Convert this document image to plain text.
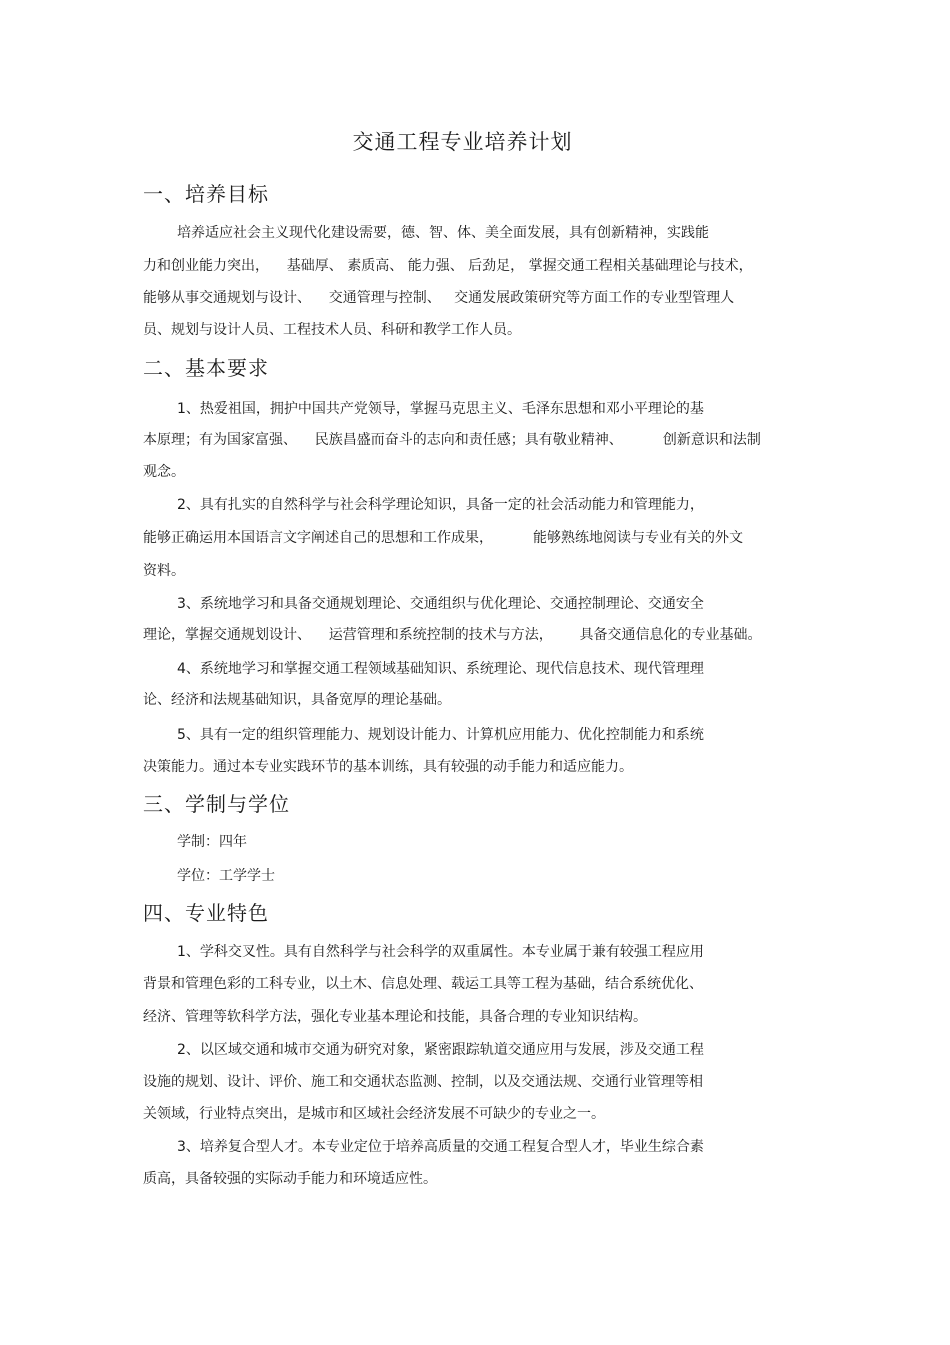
交通工程专业培养计划
一、培养目标
培养适应社会主义现代化建设需要，德、智、体、美全面发展，具有创新精神，实践能
力和创业能力突出，    基础厚、 素质高、 能力强、 后劲足， 掌握交通工程相关基础理论与技术，
能够从事交通规划与设计、    交通管理与控制、   交通发展政策研究等方面工作的专业型管理人
员、规划与设计人员、工程技术人员、科研和教学工作人员。
二、基本要求
1、热爱祖国，拥护中国共产党领导，掌握马克思主义、毛泽东思想和邓小平理论的基
本原理；有为国家富强、    民族昌盛而奋斗的志向和责任感；具有敬业精神、         创新意识和法制
观念。
2、具有扎实的自然科学与社会科学理论知识，具备一定的社会活动能力和管理能力，
能够正确运用本国语言文字阐述自己的思想和工作成果，         能够熟练地阅读与专业有关的外文
资料。
3、系统地学习和具备交通规划理论、交通组织与优化理论、交通控制理论、交通安全
理论，掌握交通规划设计、    运营管理和系统控制的技术与方法，      具备交通信息化的专业基础。
4、系统地学习和掌握交通工程领域基础知识、系统理论、现代信息技术、现代管理理
论、经济和法规基础知识，具备宽厚的理论基础。
5、具有一定的组织管理能力、规划设计能力、计算机应用能力、优化控制能力和系统
决策能力。通过本专业实践环节的基本训练，具有较强的动手能力和适应能力。
三、学制与学位
学制：四年
学位：工学学士
四、专业特色
1、学科交叉性。具有自然科学与社会科学的双重属性。本专业属于兼有较强工程应用
背景和管理色彩的工科专业，以土木、信息处理、载运工具等工程为基础，结合系统优化、
经济、管理等软科学方法，强化专业基本理论和技能，具备合理的专业知识结构。
2、以区域交通和城市交通为研究对象，紧密跟踪轨道交通应用与发展，涉及交通工程
设施的规划、设计、评价、施工和交通状态监测、控制，以及交通法规、交通行业管理等相
关领域，行业特点突出，是城市和区域社会经济发展不可缺少的专业之一。
3、培养复合型人才。本专业定位于培养高质量的交通工程复合型人才，毕业生综合素
质高，具备较强的实际动手能力和环境适应性。
